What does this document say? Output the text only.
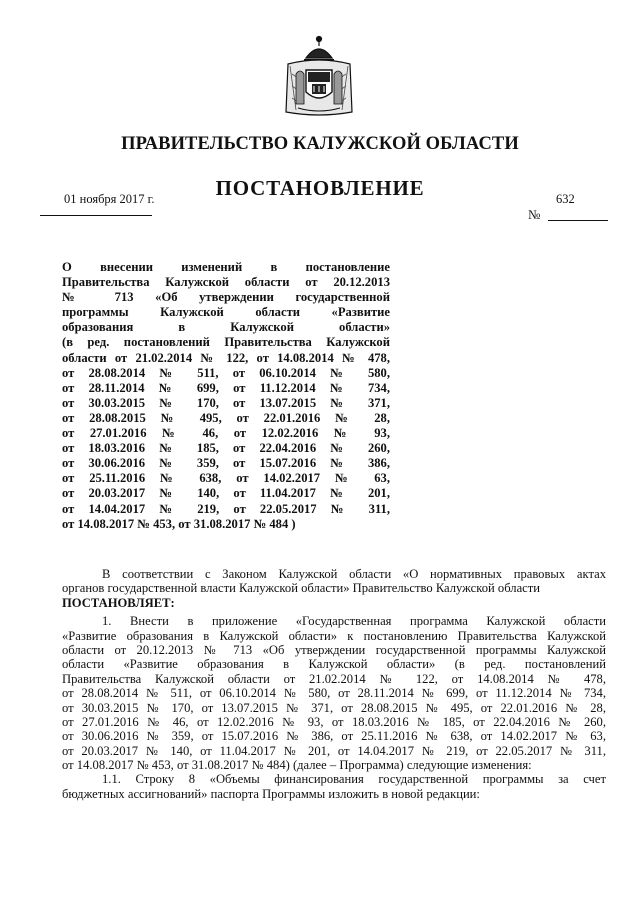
ПРАВИТЕЛЬСТВО КАЛУЖСКОЙ ОБЛАСТИ
ПОСТАНОВЛЕНИЕ
01 ноября 2017 г.	632
№
О внесении изменений в постановление
Правительства Калужской области от 20.12.2013
№ 713 «Об утверждении государственной
программы Калужской области «Развитие
образования в Калужской области»
(в ред. постановлений Правительства Калужской
области от 21.02.2014 № 122, от 14.08.2014 № 478,
от 28.08.2014 № 511, от 06.10.2014 № 580,
от 28.11.2014 № 699, от 11.12.2014 № 734,
от 30.03.2015 № 170, от 13.07.2015 № 371,
от 28.08.2015 № 495, от 22.01.2016 № 28,
от 27.01.2016 № 46, от 12.02.2016 № 93,
от 18.03.2016 № 185, от 22.04.2016 № 260,
от 30.06.2016 № 359, от 15.07.2016 № 386,
от 25.11.2016 № 638, от 14.02.2017 № 63,
от 20.03.2017 № 140, от 11.04.2017 № 201,
от 14.04.2017 № 219, от 22.05.2017 № 311,
от 14.08.2017 № 453, от 31.08.2017 № 484 )
В соответствии с Законом Калужской области «О нормативных правовых актах
органов государственной власти Калужской области» Правительство Калужской области
ПОСТАНОВЛЯЕТ:
1. Внести в приложение «Государственная программа Калужской области
«Развитие образования в Калужской области» к постановлению Правительства Калужской
области от 20.12.2013 № 713 «Об утверждении государственной программы Калужской
области «Развитие образования в Калужской области» (в ред. постановлений
Правительства Калужской области от 21.02.2014 № 122, от 14.08.2014 № 478,
от 28.08.2014 № 511, от 06.10.2014 № 580, от 28.11.2014 № 699, от 11.12.2014 № 734,
от 30.03.2015 № 170, от 13.07.2015 № 371, от 28.08.2015 № 495, от 22.01.2016 № 28,
от 27.01.2016 № 46, от 12.02.2016 № 93, от 18.03.2016 № 185, от 22.04.2016 № 260,
от 30.06.2016 № 359, от 15.07.2016 № 386, от 25.11.2016 № 638, от 14.02.2017 № 63,
от 20.03.2017 № 140, от 11.04.2017 № 201, от 14.04.2017 № 219, от 22.05.2017 № 311,
от 14.08.2017 № 453, от 31.08.2017 № 484) (далее – Программа) следующие изменения:
1.1. Строку 8 «Объемы финансирования государственной программы за счет
бюджетных ассигнований» паспорта Программы изложить в новой редакции:
